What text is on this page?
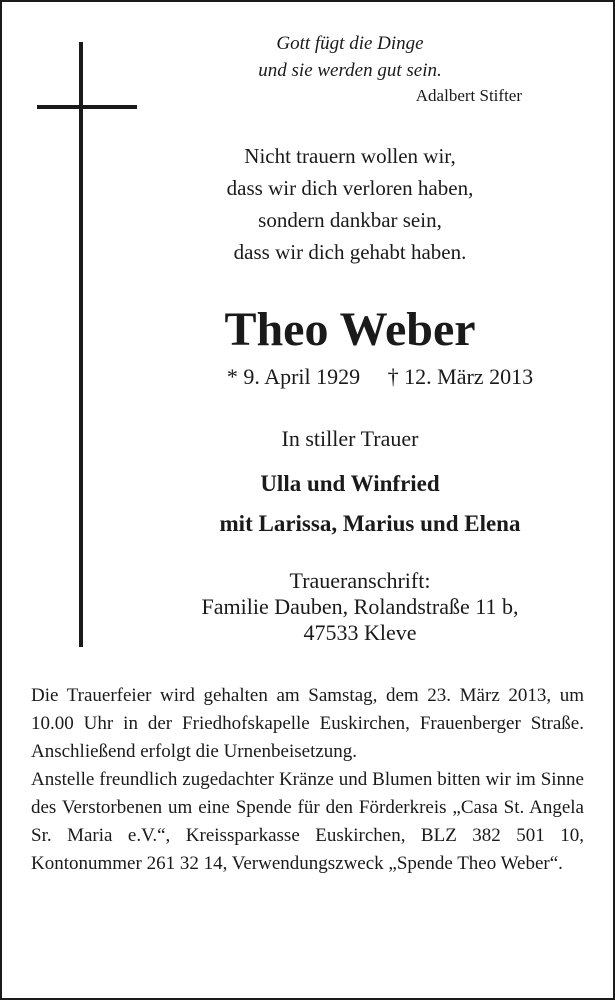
Gott fügt die Dinge
und sie werden gut sein.
Adalbert Stifter
Nicht trauern wollen wir,
dass wir dich verloren haben,
sondern dankbar sein,
dass wir dich gehabt haben.
Theo Weber
* 9. April 1929     † 12. März 2013
In stiller Trauer
Ulla und Winfried
mit Larissa, Marius und Elena
Traueranschrift:
Familie Dauben, Rolandstraße 11 b,
47533 Kleve

Die Trauerfeier wird gehalten am Samstag, dem 23. März 2013, um 10.00 Uhr in der Friedhofskapelle Euskirchen, Frauenberger Straße. Anschließend erfolgt die Urnenbeisetzung.

Anstelle freundlich zugedachter Kränze und Blumen bitten wir im Sinne des Verstorbenen um eine Spende für den Förderkreis „Casa St. Angela Sr. Maria e.V.“, Kreissparkasse Euskirchen, BLZ 382 501 10, Kontonummer 261 32 14, Verwendungszweck „Spende Theo Weber“.
